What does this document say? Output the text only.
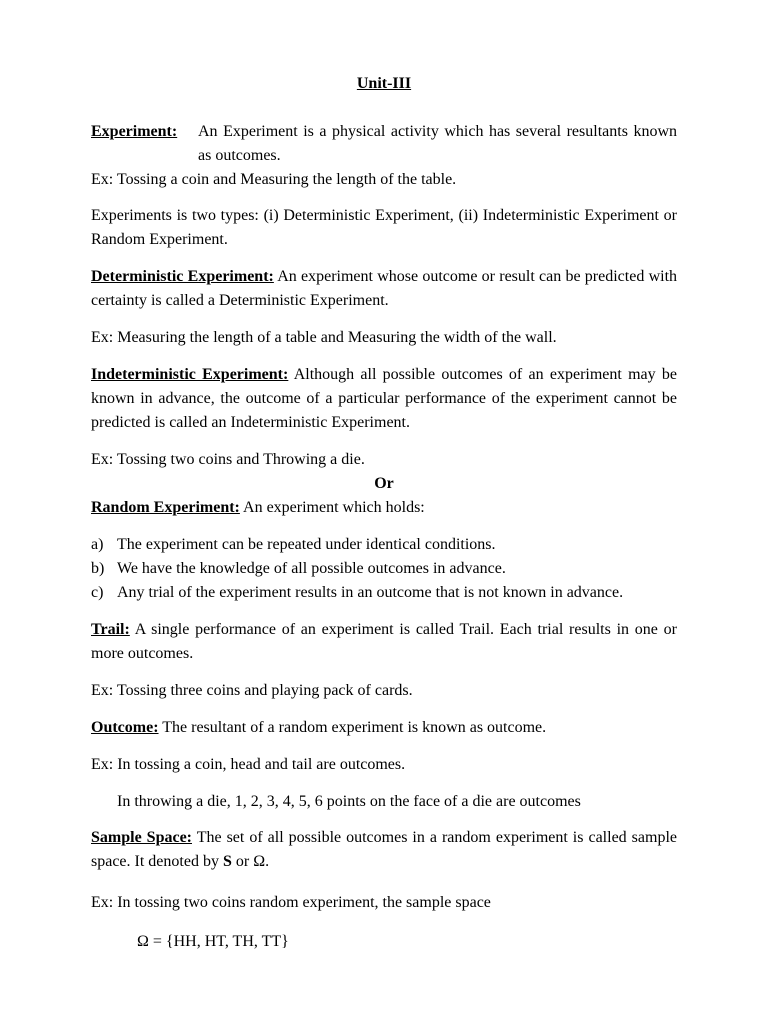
Unit-III
Experiment:	An Experiment is a physical activity which has several resultants known as outcomes.
Ex: Tossing a coin and Measuring the length of the table.
Experiments is two types: (i) Deterministic Experiment, (ii) Indeterministic Experiment or Random Experiment.
Deterministic Experiment: An experiment whose outcome or result can be predicted with certainty is called a Deterministic Experiment.
Ex: Measuring the length of a table and Measuring the width of the wall.
Indeterministic Experiment: Although all possible outcomes of an experiment may be known in advance, the outcome of a particular performance of the experiment cannot be predicted is called an Indeterministic Experiment.
Ex: Tossing two coins and Throwing a die.
Or
Random Experiment: An experiment which holds:
a) The experiment can be repeated under identical conditions.
b) We have the knowledge of all possible outcomes in advance.
c) Any trial of the experiment results in an outcome that is not known in advance.
Trail: A single performance of an experiment is called Trail. Each trial results in one or more outcomes.
Ex: Tossing three coins and playing pack of cards.
Outcome: The resultant of a random experiment is known as outcome.
Ex: In tossing a coin, head and tail are outcomes.
In throwing a die, 1, 2, 3, 4, 5, 6 points on the face of a die are outcomes
Sample Space: The set of all possible outcomes in a random experiment is called sample space. It denoted by S or Ω.
Ex: In tossing two coins random experiment, the sample space
Ω = {HH, HT, TH, TT}
